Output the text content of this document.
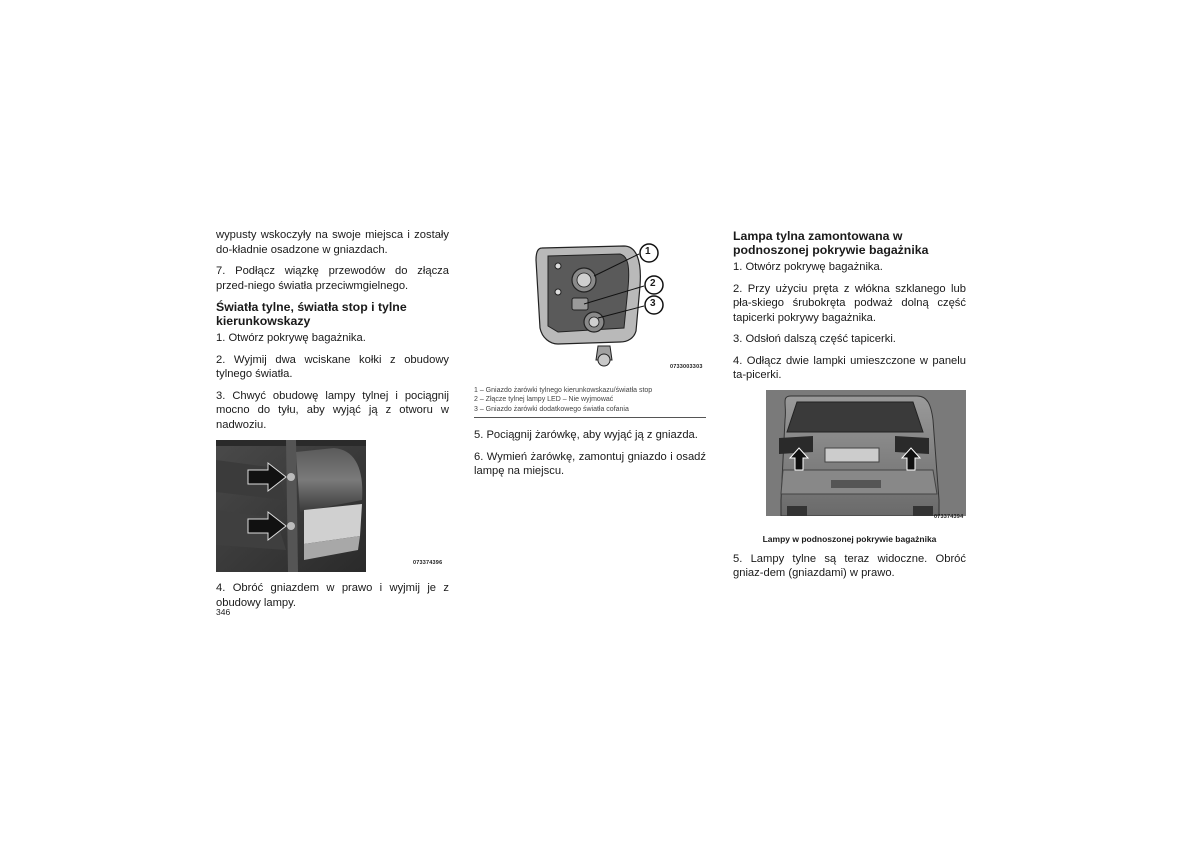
wypusty wskoczyły na swoje miejsca i zostały do-kładnie osadzone w gniazdach.

7. Podłącz wiązkę przewodów do złącza przed-niego światła przeciwmgielnego.

Światła tylne, światła stop i tylne kierunkowskazy

1. Otwórz pokrywę bagażnika.

2. Wyjmij dwa wciskane kołki z obudowy tylnego światła.

3. Chwyć obudowę lampy tylnej i pociągnij mocno do tyłu, aby wyjąć ją z otworu w nadwoziu.

073374396

4. Obróć gniazdem w prawo i wyjmij je z obudowy lampy.

1
2
3
0733003303
1 – Gniazdo żarówki tylnego kierunkowskazu/światła stop
2 – Złącze tylnej lampy LED – Nie wyjmować
3 – Gniazdo żarówki dodatkowego światła cofania

5. Pociągnij żarówkę, aby wyjąć ją z gniazda.

6. Wymień żarówkę, zamontuj gniazdo i osadź lampę na miejscu.

Lampa tylna zamontowana w podnoszonej pokrywie bagażnika

1. Otwórz pokrywę bagażnika.

2. Przy użyciu pręta z włókna szklanego lub pła-skiego śrubokręta podważ dolną część tapicerki pokrywy bagażnika.

3. Odsłoń dalszą część tapicerki.

4. Odłącz dwie lampki umieszczone w panelu ta-picerki.

073374394
Lampy w podnoszonej pokrywie bagażnika

5. Lampy tylne są teraz widoczne. Obróć gniaz-dem (gniazdami) w prawo.

346
